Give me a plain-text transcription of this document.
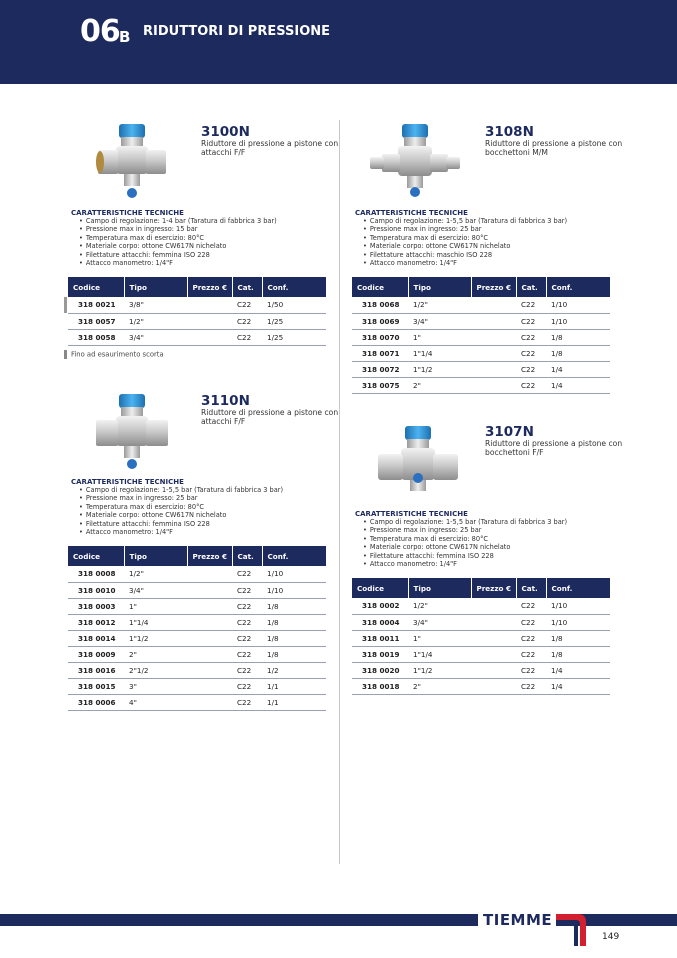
06 B RIDUTTORI DI PRESSIONE
3100N
Riduttore di pressione a pistone con attacchi F/F
CARATTERISTICHE TECNICHE
• Campo di regolazione: 1-4 bar (Taratura di fabbrica 3 bar)
• Pressione max in ingresso: 15 bar
• Temperatura max di esercizio: 80°C
• Materiale corpo: ottone CW617N nichelato
• Filettature attacchi: femmina ISO 228
• Attacco manometro: 1/4"F
Codice	Tipo	Prezzo €	Cat.	Conf.
318 0021	3/8"		C22	1/50
318 0057	1/2"		C22	1/25
318 0058	3/4"		C22	1/25
Fino ad esaurimento scorta
3108N
Riduttore di pressione a pistone con bocchettoni M/M
CARATTERISTICHE TECNICHE
• Campo di regolazione: 1-5,5 bar (Taratura di fabbrica 3 bar)
• Pressione max in ingresso: 25 bar
• Temperatura max di esercizio: 80°C
• Materiale corpo: ottone CW617N nichelato
• Filettature attacchi: maschio ISO 228
• Attacco manometro: 1/4"F
Codice	Tipo	Prezzo €	Cat.	Conf.
318 0068	1/2"		C22	1/10
318 0069	3/4"		C22	1/10
318 0070	1"		C22	1/8
318 0071	1"1/4		C22	1/8
318 0072	1"1/2		C22	1/4
318 0075	2"		C22	1/4
3110N
Riduttore di pressione a pistone con attacchi F/F
CARATTERISTICHE TECNICHE
• Campo di regolazione: 1-5,5 bar (Taratura di fabbrica 3 bar)
• Pressione max in ingresso: 25 bar
• Temperatura max di esercizio: 80°C
• Materiale corpo: ottone CW617N nichelato
• Filettature attacchi: femmina ISO 228
• Attacco manometro: 1/4"F
Codice	Tipo	Prezzo €	Cat.	Conf.
318 0008	1/2"		C22	1/10
318 0010	3/4"		C22	1/10
318 0003	1"		C22	1/8
318 0012	1"1/4		C22	1/8
318 0014	1"1/2		C22	1/8
318 0009	2"		C22	1/8
318 0016	2"1/2		C22	1/2
318 0015	3"		C22	1/1
318 0006	4"		C22	1/1
3107N
Riduttore di pressione a pistone con bocchettoni F/F
CARATTERISTICHE TECNICHE
• Campo di regolazione: 1-5,5 bar (Taratura di fabbrica 3 bar)
• Pressione max in ingresso: 25 bar
• Temperatura max di esercizio: 80°C
• Materiale corpo: ottone CW617N nichelato
• Filettature attacchi: femmina ISO 228
• Attacco manometro: 1/4"F
Codice	Tipo	Prezzo €	Cat.	Conf.
318 0002	1/2"		C22	1/10
318 0004	3/4"		C22	1/10
318 0011	1"		C22	1/8
318 0019	1"1/4		C22	1/8
318 0020	1"1/2		C22	1/4
318 0018	2"		C22	1/4
TIEMME
149
